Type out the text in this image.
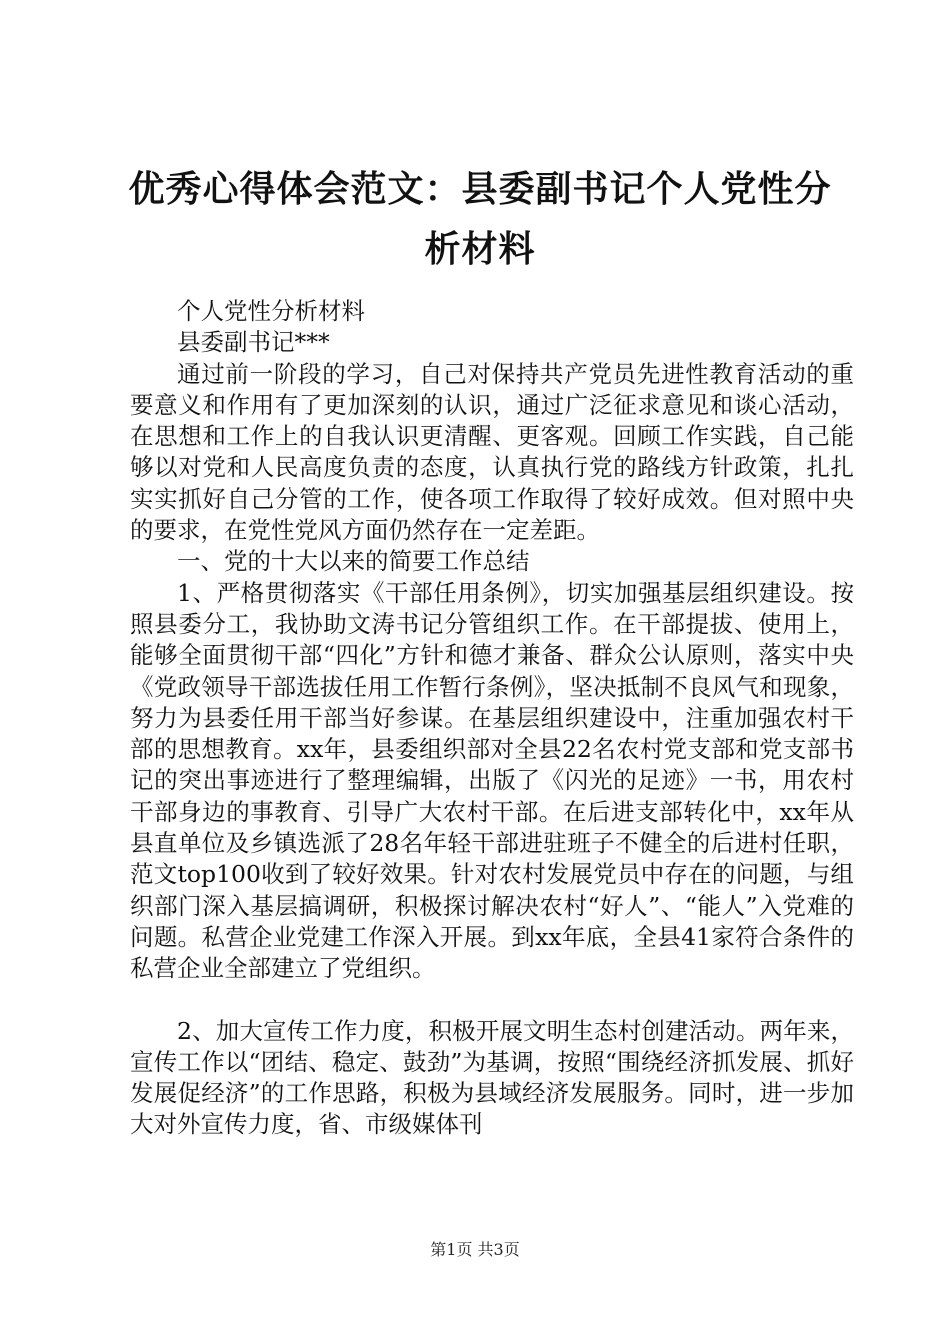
优秀心得体会范文：县委副书记个人党性分析材料

个人党性分析材料

县委副书记***

通过前一阶段的学习，自己对保持共产党员先进性教育活动的重要意义和作用有了更加深刻的认识，通过广泛征求意见和谈心活动，在思想和工作上的自我认识更清醒、更客观。回顾工作实践，自己能够以对党和人民高度负责的态度，认真执行党的路线方针政策，扎扎实实抓好自己分管的工作，使各项工作取得了较好成效。但对照中央的要求，在党性党风方面仍然存在一定差距。

一、党的十大以来的简要工作总结

1、严格贯彻落实《干部任用条例》，切实加强基层组织建设。按照县委分工，我协助文涛书记分管组织工作。在干部提拔、使用上，能够全面贯彻干部“四化”方针和德才兼备、群众公认原则，落实中央《党政领导干部选拔任用工作暂行条例》，坚决抵制不良风气和现象，努力为县委任用干部当好参谋。在基层组织建设中，注重加强农村干部的思想教育。xx年，县委组织部对全县22名农村党支部和党支部书记的突出事迹进行了整理编辑，出版了《闪光的足迹》一书，用农村干部身边的事教育、引导广大农村干部。在后进支部转化中，xx年从县直单位及乡镇选派了28名年轻干部进驻班子不健全的后进村任职，范文top100收到了较好效果。针对农村发展党员中存在的问题，与组织部门深入基层搞调研，积极探讨解决农村“好人”、“能人”入党难的问题。私营企业党建工作深入开展。到xx年底，全县41家符合条件的私营企业全部建立了党组织。

2、加大宣传工作力度，积极开展文明生态村创建活动。两年来，宣传工作以“团结、稳定、鼓劲”为基调，按照“围绕经济抓发展、抓好发展促经济”的工作思路，积极为县域经济发展服务。同时，进一步加大对外宣传力度，省、市级媒体刊

第1页 共3页
